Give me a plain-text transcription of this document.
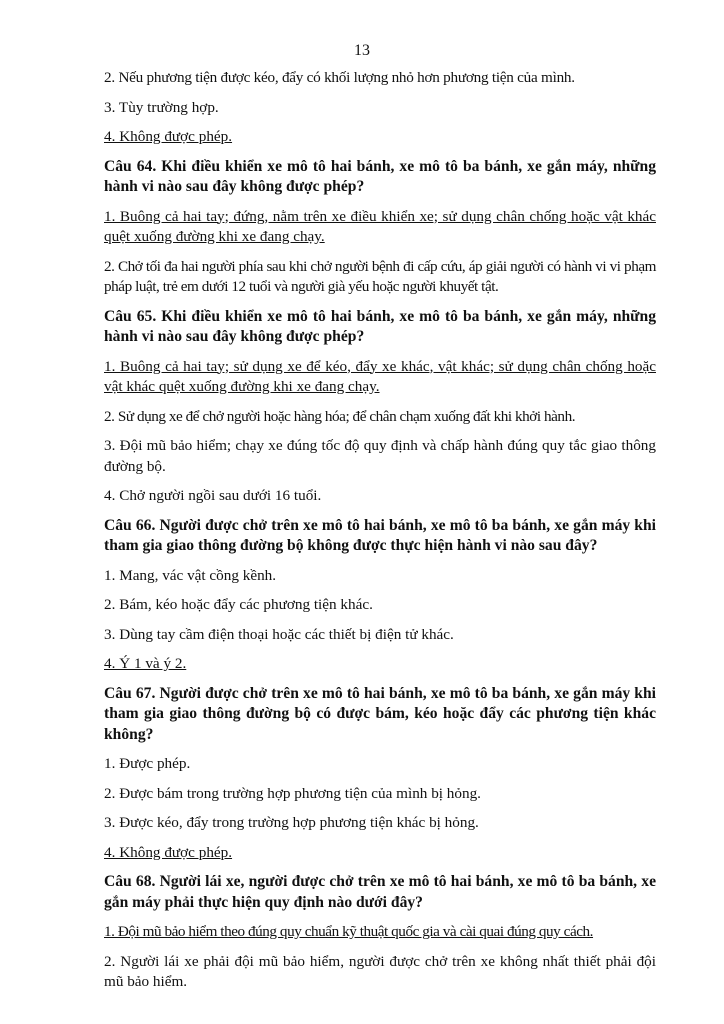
13

2. Nếu phương tiện được kéo, đẩy có khối lượng nhỏ hơn phương tiện của mình.

3. Tùy trường hợp.

4. Không được phép.

Câu 64. Khi điều khiển xe mô tô hai bánh, xe mô tô ba bánh, xe gắn máy, những hành vi nào sau đây không được phép?

1. Buông cả hai tay; đứng, nằm trên xe điều khiển xe; sử dụng chân chống hoặc vật khác quệt xuống đường khi xe đang chạy.

2. Chở tối đa hai người phía sau khi chở người bệnh đi cấp cứu, áp giải người có hành vi vi phạm pháp luật, trẻ em dưới 12 tuổi và người già yếu hoặc người khuyết tật.

Câu 65. Khi điều khiển xe mô tô hai bánh, xe mô tô ba bánh, xe gắn máy, những hành vi nào sau đây không được phép?

1. Buông cả hai tay; sử dụng xe để kéo, đẩy xe khác, vật khác; sử dụng chân chống hoặc vật khác quệt xuống đường khi xe đang chạy.

2. Sử dụng xe để chở người hoặc hàng hóa; để chân chạm xuống đất khi khởi hành.

3. Đội mũ bảo hiểm; chạy xe đúng tốc độ quy định và chấp hành đúng quy tắc giao thông đường bộ.

4. Chở người ngồi sau dưới 16 tuổi.

Câu 66. Người được chở trên xe mô tô hai bánh, xe mô tô ba bánh, xe gắn máy khi tham gia giao thông đường bộ không được thực hiện hành vi nào sau đây?

1. Mang, vác vật cồng kềnh.

2. Bám, kéo hoặc đẩy các phương tiện khác.

3. Dùng tay cầm điện thoại hoặc các thiết bị điện tử khác.

4. Ý 1 và ý 2.

Câu 67. Người được chở trên xe mô tô hai bánh, xe mô tô ba bánh, xe gắn máy khi tham gia giao thông đường bộ có được bám, kéo hoặc đẩy các phương tiện khác không?

1. Được phép.

2. Được bám trong trường hợp phương tiện của mình bị hỏng.

3. Được kéo, đẩy trong trường hợp phương tiện khác bị hỏng.

4. Không được phép.

Câu 68. Người lái xe, người được chở trên xe mô tô hai bánh, xe mô tô ba bánh, xe gắn máy phải thực hiện quy định nào dưới đây?

1. Đội mũ bảo hiểm theo đúng quy chuẩn kỹ thuật quốc gia và cài quai đúng quy cách.

2. Người lái xe phải đội mũ bảo hiểm, người được chở trên xe không nhất thiết phải đội mũ bảo hiểm.
